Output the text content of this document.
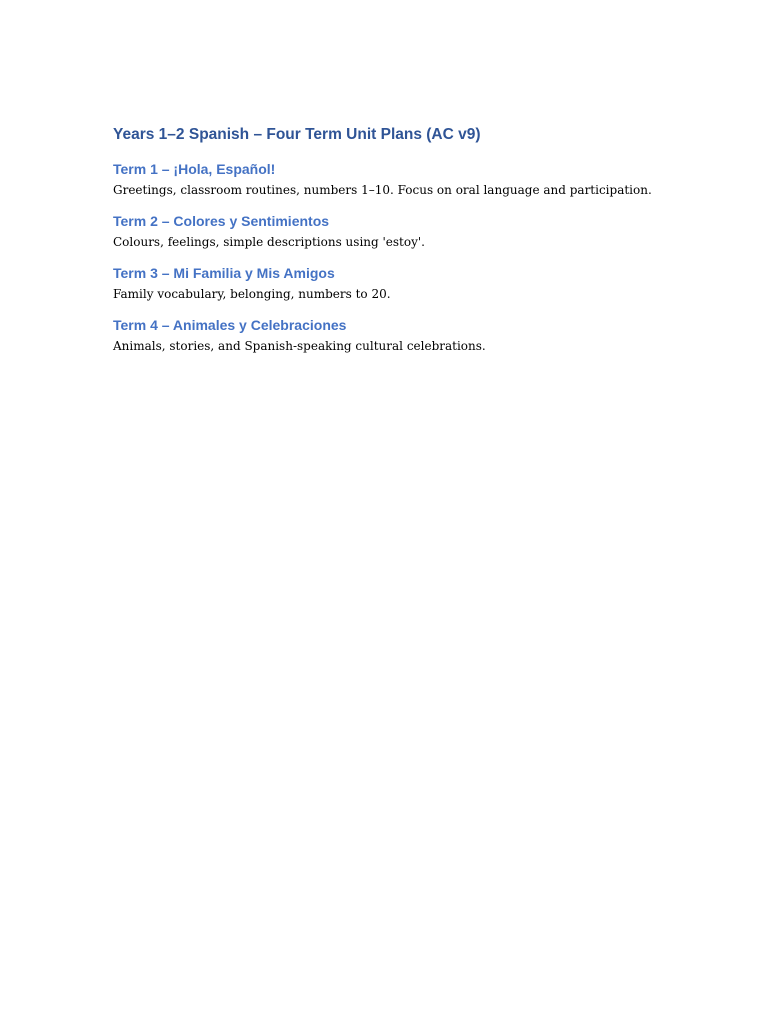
Years 1–2 Spanish – Four Term Unit Plans (AC v9)
Term 1 – ¡Hola, Español!

Greetings, classroom routines, numbers 1–10. Focus on oral language and participation.

Term 2 – Colores y Sentimientos

Colours, feelings, simple descriptions using 'estoy'.

Term 3 – Mi Familia y Mis Amigos

Family vocabulary, belonging, numbers to 20.

Term 4 – Animales y Celebraciones

Animals, stories, and Spanish-speaking cultural celebrations.
